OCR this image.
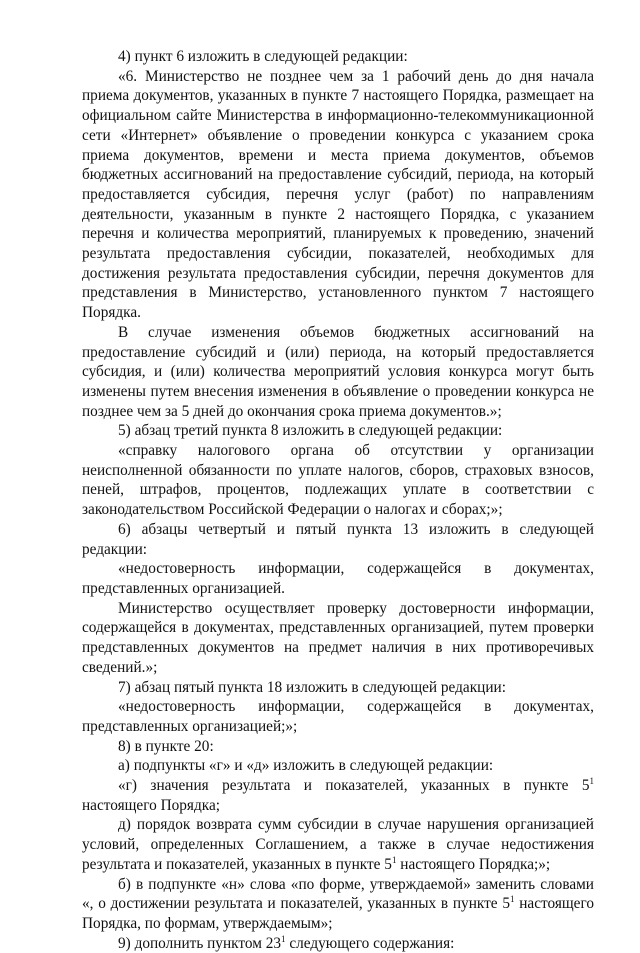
4) пункт 6 изложить в следующей редакции:

«6. Министерство не позднее чем за 1 рабочий день до дня начала приема документов, указанных в пункте 7 настоящего Порядка, размещает на официальном сайте Министерства в информационно-телекоммуникационной сети «Интернет» объявление о проведении конкурса с указанием срока приема документов, времени и места приема документов, объемов бюджетных ассигнований на предоставление субсидий, периода, на который предоставляется субсидия, перечня услуг (работ) по направлениям деятельности, указанным в пункте 2 настоящего Порядка, с указанием перечня и количества мероприятий, планируемых к проведению, значений результата предоставления субсидии, показателей, необходимых для достижения результата предоставления субсидии, перечня документов для представления в Министерство, установленного пунктом 7 настоящего Порядка.

В случае изменения объемов бюджетных ассигнований на предоставление субсидий и (или) периода, на который предоставляется субсидия, и (или) количества мероприятий условия конкурса могут быть изменены путем внесения изменения в объявление о проведении конкурса не позднее чем за 5 дней до окончания срока приема документов.»;

5) абзац третий пункта 8 изложить в следующей редакции:

«справку налогового органа об отсутствии у организации неисполненной обязанности по уплате налогов, сборов, страховых взносов, пеней, штрафов, процентов, подлежащих уплате в соответствии с законодательством Российской Федерации о налогах и сборах;»;

6) абзацы четвертый и пятый пункта 13 изложить в следующей редакции:

«недостоверность информации, содержащейся в документах, представленных организацией.

Министерство осуществляет проверку достоверности информации, содержащейся в документах, представленных организацией, путем проверки представленных документов на предмет наличия в них противоречивых сведений.»;

7) абзац пятый пункта 18 изложить в следующей редакции:

«недостоверность информации, содержащейся в документах, представленных организацией;»;

8) в пункте 20:

а) подпункты «г» и «д» изложить в следующей редакции:

«г) значения результата и показателей, указанных в пункте $5^1$ настоящего Порядка;

д) порядок возврата сумм субсидии в случае нарушения организацией условий, определенных Соглашением, а также в случае недостижения результата и показателей, указанных в пункте $5^1$ настоящего Порядка;»;

б) в подпункте «н» слова «по форме, утверждаемой» заменить словами «, о достижении результата и показателей, указанных в пункте $5^1$ настоящего Порядка, по формам, утверждаемым»;

9) дополнить пунктом $23^1$ следующего содержания:
